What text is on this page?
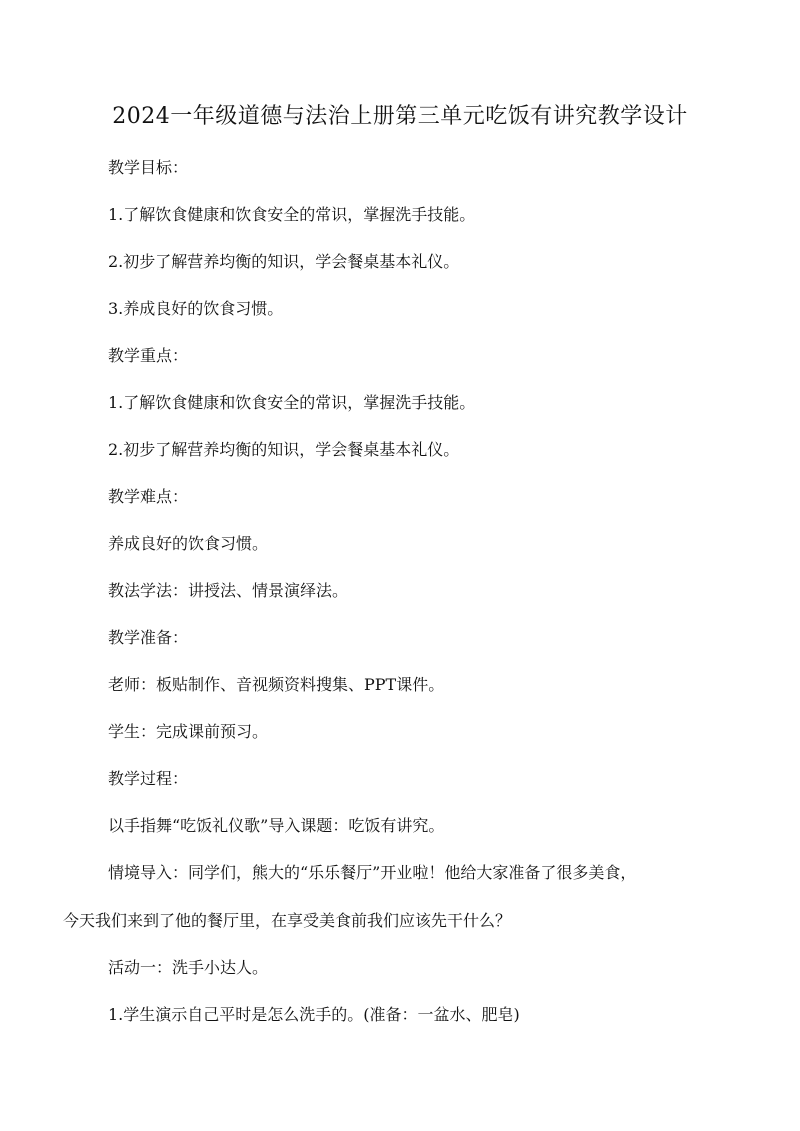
2024一年级道德与法治上册第三单元吃饭有讲究教学设计
教学目标：
1.了解饮食健康和饮食安全的常识，掌握洗手技能。
2.初步了解营养均衡的知识，学会餐桌基本礼仪。
3.养成良好的饮食习惯。
教学重点：
1.了解饮食健康和饮食安全的常识，掌握洗手技能。
2.初步了解营养均衡的知识，学会餐桌基本礼仪。
教学难点：
养成良好的饮食习惯。
教法学法：讲授法、情景演绎法。
教学准备：
老师：板贴制作、音视频资料搜集、PPT课件。
学生：完成课前预习。
教学过程：
以手指舞“吃饭礼仪歌”导入课题：吃饭有讲究。
情境导入：同学们，熊大的“乐乐餐厅”开业啦！他给大家准备了很多美食，
今天我们来到了他的餐厅里，在享受美食前我们应该先干什么？
活动一：洗手小达人。
1.学生演示自己平时是怎么洗手的。(准备：一盆水、肥皂)
